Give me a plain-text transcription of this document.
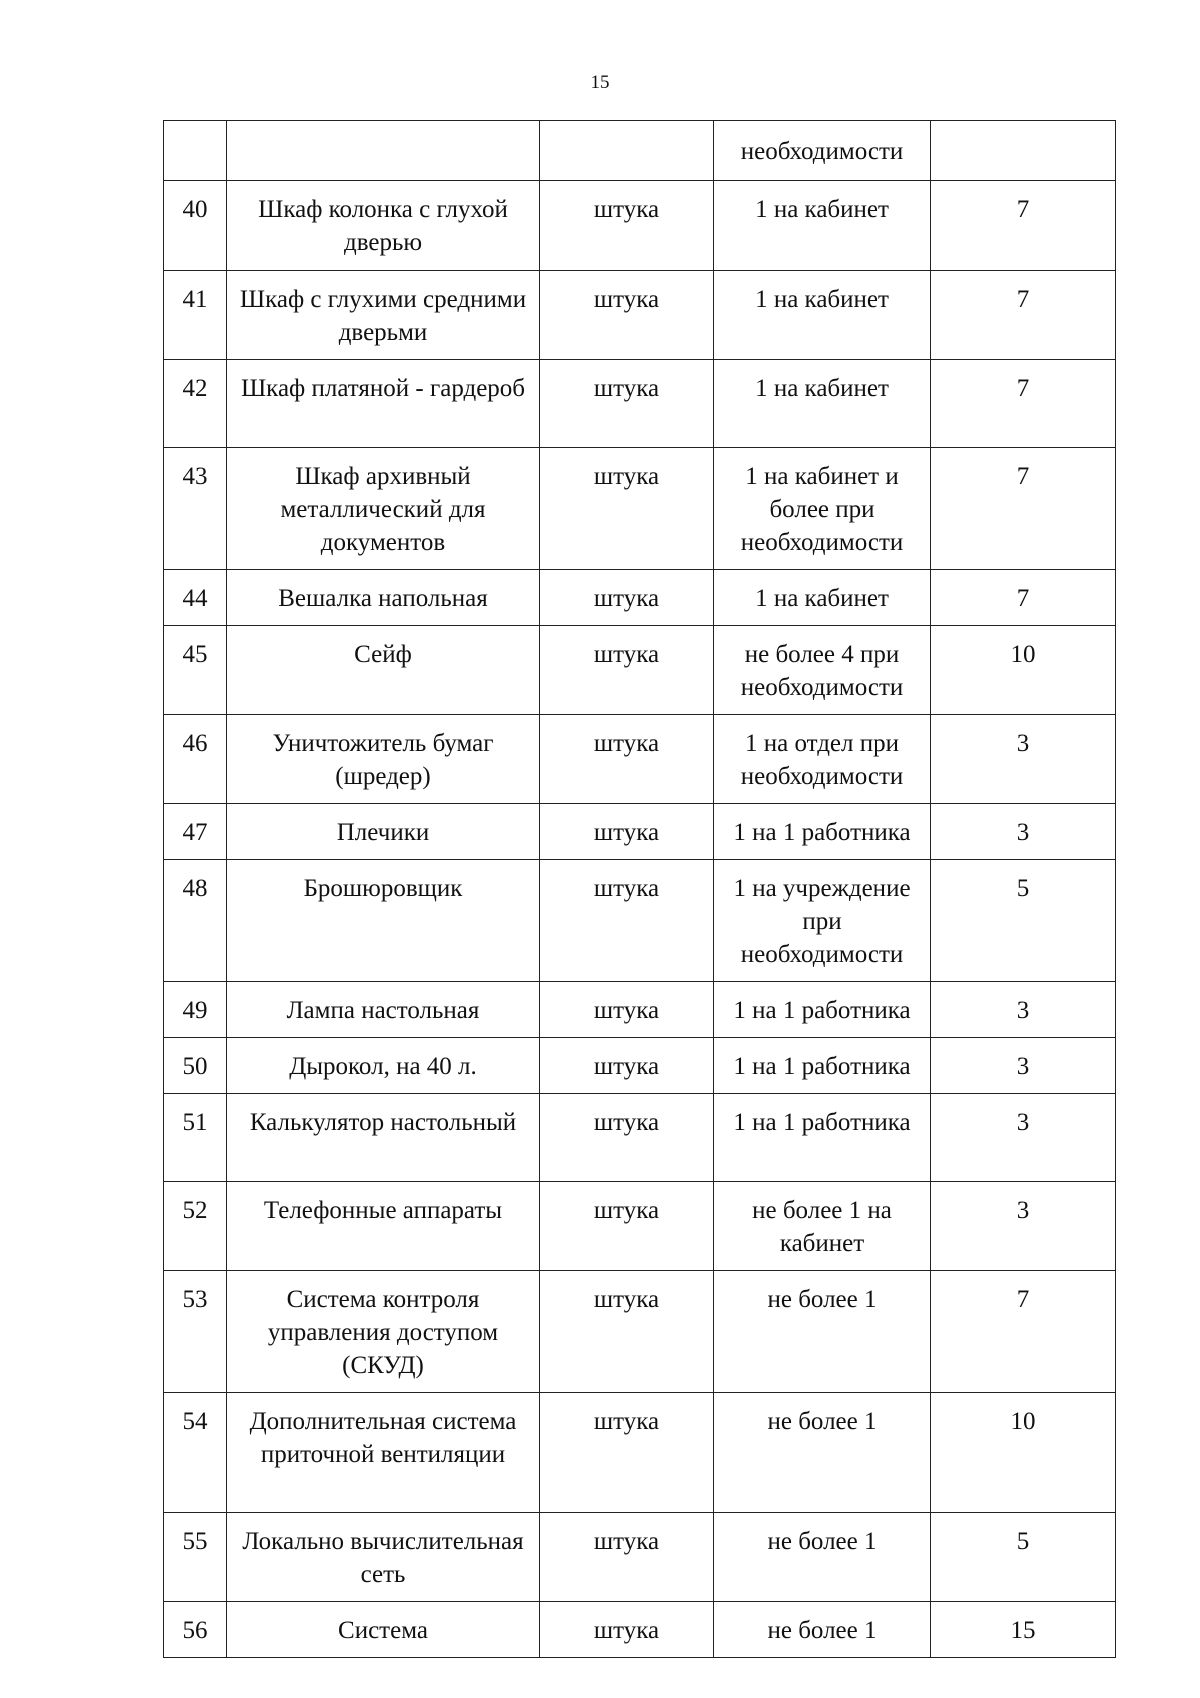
15
			необходимости	
40	Шкаф колонка с глухой дверью	штука	1 на кабинет	7
41	Шкаф с глухими средними дверьми	штука	1 на кабинет	7
42	Шкаф платяной - гардероб	штука	1 на кабинет	7
43	Шкаф архивный металлический для документов	штука	1 на кабинет и более при необходимости	7
44	Вешалка напольная	штука	1 на кабинет	7
45	Сейф	штука	не более 4 при необходимости	10
46	Уничтожитель бумаг (шредер)	штука	1 на отдел при необходимости	3
47	Плечики	штука	1 на 1 работника	3
48	Брошюровщик	штука	1 на учреждение при необходимости	5
49	Лампа настольная	штука	1 на 1 работника	3
50	Дырокол, на 40 л.	штука	1 на 1 работника	3
51	Калькулятор настольный	штука	1 на 1 работника	3
52	Телефонные аппараты	штука	не более 1 на кабинет	3
53	Система контроля управления доступом (СКУД)	штука	не более 1	7
54	Дополнительная система приточной вентиляции	штука	не более 1	10
55	Локально вычислительная сеть	штука	не более 1	5
56	Система	штука	не более 1	15
